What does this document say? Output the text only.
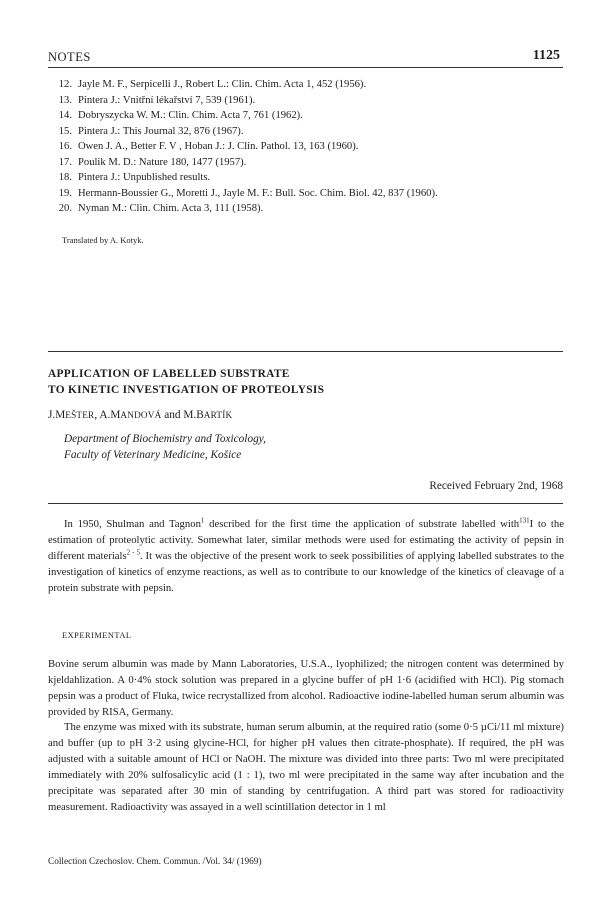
NOTES	1125
12. Jayle M. F., Serpicelli J., Robert L.: Clin. Chim. Acta 1, 452 (1956).
13. Pintera J.: Vnitřní lékařství 7, 539 (1961).
14. Dobryszycka W. M.: Clin. Chim. Acta 7, 761 (1962).
15. Pintera J.: This Journal 32, 876 (1967).
16. Owen J. A., Better F. V , Hoban J.: J. Clin. Pathol. 13, 163 (1960).
17. Poulik M. D.: Nature 180, 1477 (1957).
18. Pintera J.: Unpublished results.
19. Hermann-Boussier G., Moretti J., Jayle M. F.: Bull. Soc. Chim. Biol. 42, 837 (1960).
20. Nyman M.: Clin. Chim. Acta 3, 111 (1958).
Translated by A. Kotyk.
APPLICATION OF LABELLED SUBSTRATE
TO KINETIC INVESTIGATION OF PROTEOLYSIS
J.MEŠTER, A.MANDOVÁ and M.BARTÍK
Department of Biochemistry and Toxicology,
Faculty of Veterinary Medicine, Košice
Received February 2nd, 1968
In 1950, Shulman and Tagnon$^1$ described for the first time the application of substrate labelled with$^{131}$I to the estimation of proteolytic activity. Somewhat later, similar methods were used for estimating the activity of pepsin in different materials$^{2 - 5}$. It was the objective of the present work to seek possibilities of applying labelled substrates to the investigation of kinetics of enzyme reactions, as well as to contribute to our knowledge of the kinetics of cleavage of a protein substrate with pepsin.
EXPERIMENTAL
Bovine serum albumin was made by Mann Laboratories, U.S.A., lyophilized; the nitrogen content was determined by kjeldahlization. A 0·4% stock solution was prepared in a glycine buffer of pH 1·6 (acidified with HCl). Pig stomach pepsin was a product of Fluka, twice recrystallized from alcohol. Radioactive iodine-labelled human serum albumin was provided by RISA, Germany.
The enzyme was mixed with its substrate, human serum albumin, at the required ratio (some 0·5 µCi/11 ml mixture) and buffer (up to pH 3·2 using glycine-HCl, for higher pH values then citrate-phosphate). If required, the pH was adjusted with a suitable amount of HCl or NaOH. The mixture was divided into three parts: Two ml were precipitated immediately with 20% sulfosalicylic acid (1 : 1), two ml were precipitated in the same way after incubation and the precipitate was separated after 30 min of standing by centrifugation. A third part was stored for radioactivity measurement. Radioactivity was assayed in a well scintillation detector in 1 ml
Collection Czechoslov. Chem. Commun. /Vol. 34/ (1969)
